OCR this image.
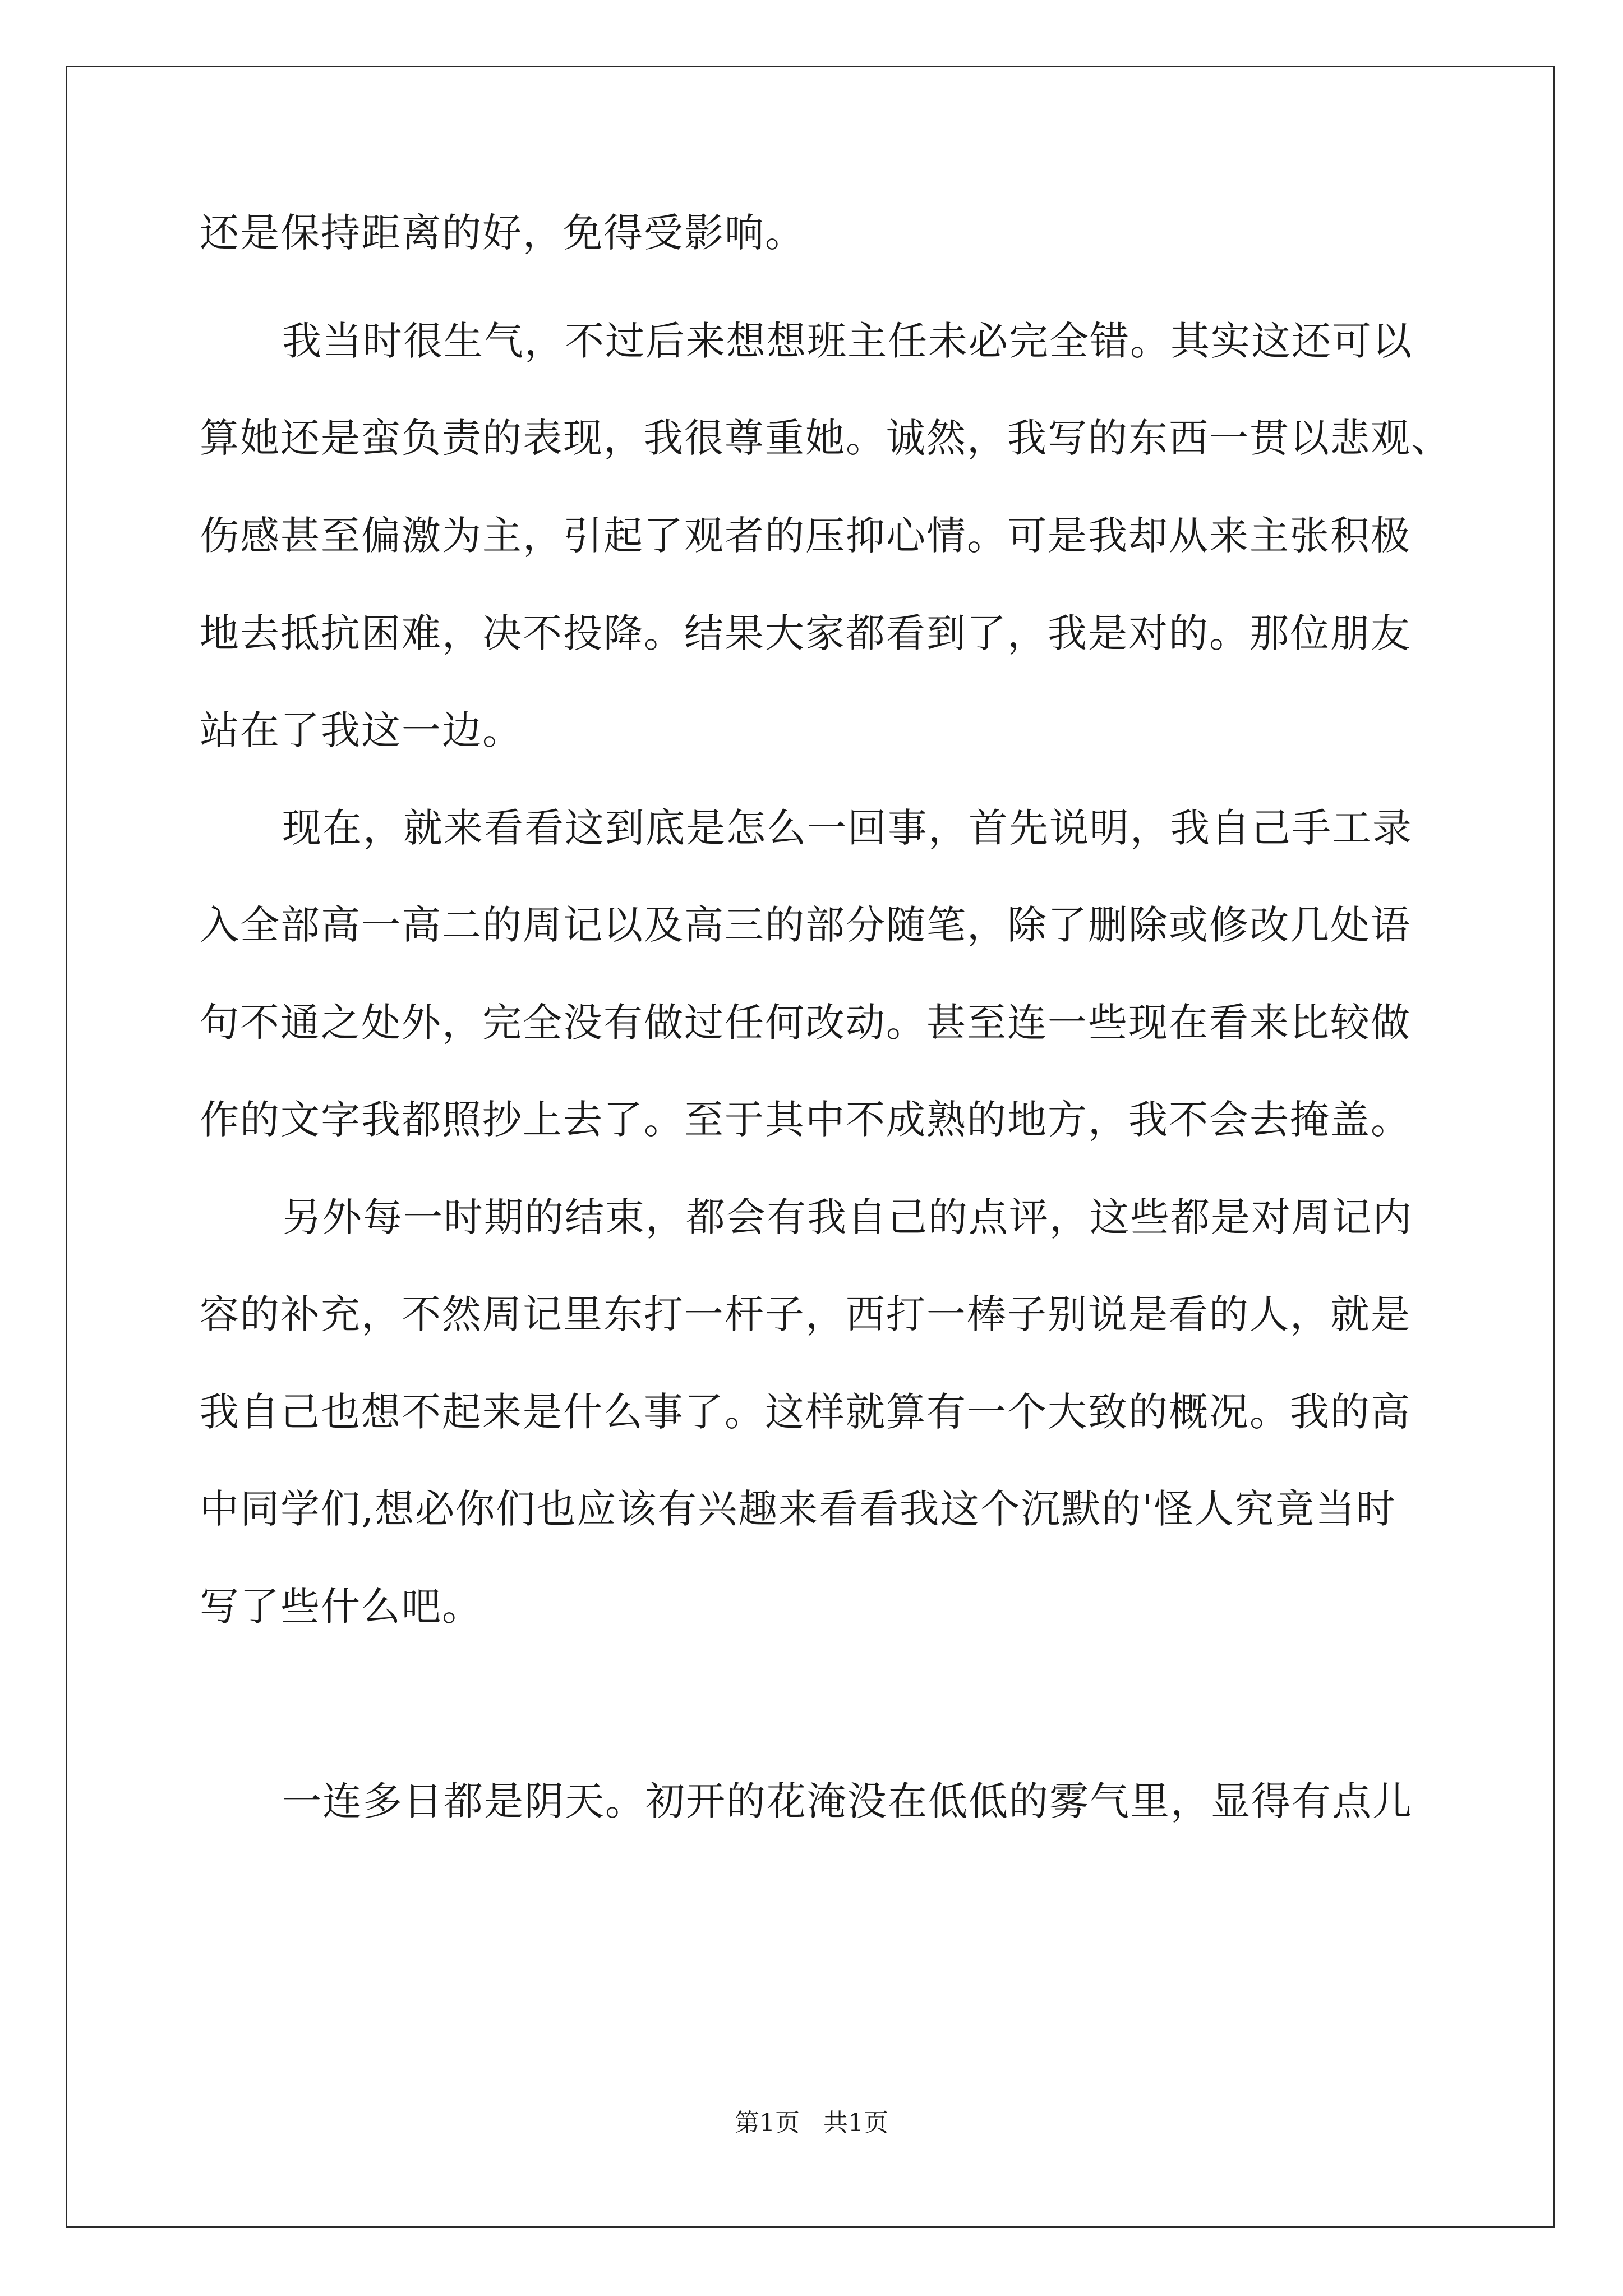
还是保持距离的好，免得受影响。
我当时很生气，不过后来想想班主任未必完全错。其实这还可以
算她还是蛮负责的表现，我很尊重她。诚然，我写的东西一贯以悲观、
伤感甚至偏激为主，引起了观者的压抑心情。可是我却从来主张积极
地去抵抗困难，决不投降。结果大家都看到了，我是对的。那位朋友
站在了我这一边。
现在，就来看看这到底是怎么一回事，首先说明，我自己手工录
入全部高一高二的周记以及高三的部分随笔，除了删除或修改几处语
句不通之处外，完全没有做过任何改动。甚至连一些现在看来比较做
作的文字我都照抄上去了。至于其中不成熟的地方，我不会去掩盖。
另外每一时期的结束，都会有我自己的点评，这些都是对周记内
容的补充，不然周记里东打一杆子，西打一棒子别说是看的人，就是
我自己也想不起来是什么事了。这样就算有一个大致的概况。我的高
中同学们,想必你们也应该有兴趣来看看我这个沉默的'怪人究竟当时
写了些什么吧。
一连多日都是阴天。初开的花淹没在低低的雾气里，显得有点儿
第1页   共1页
